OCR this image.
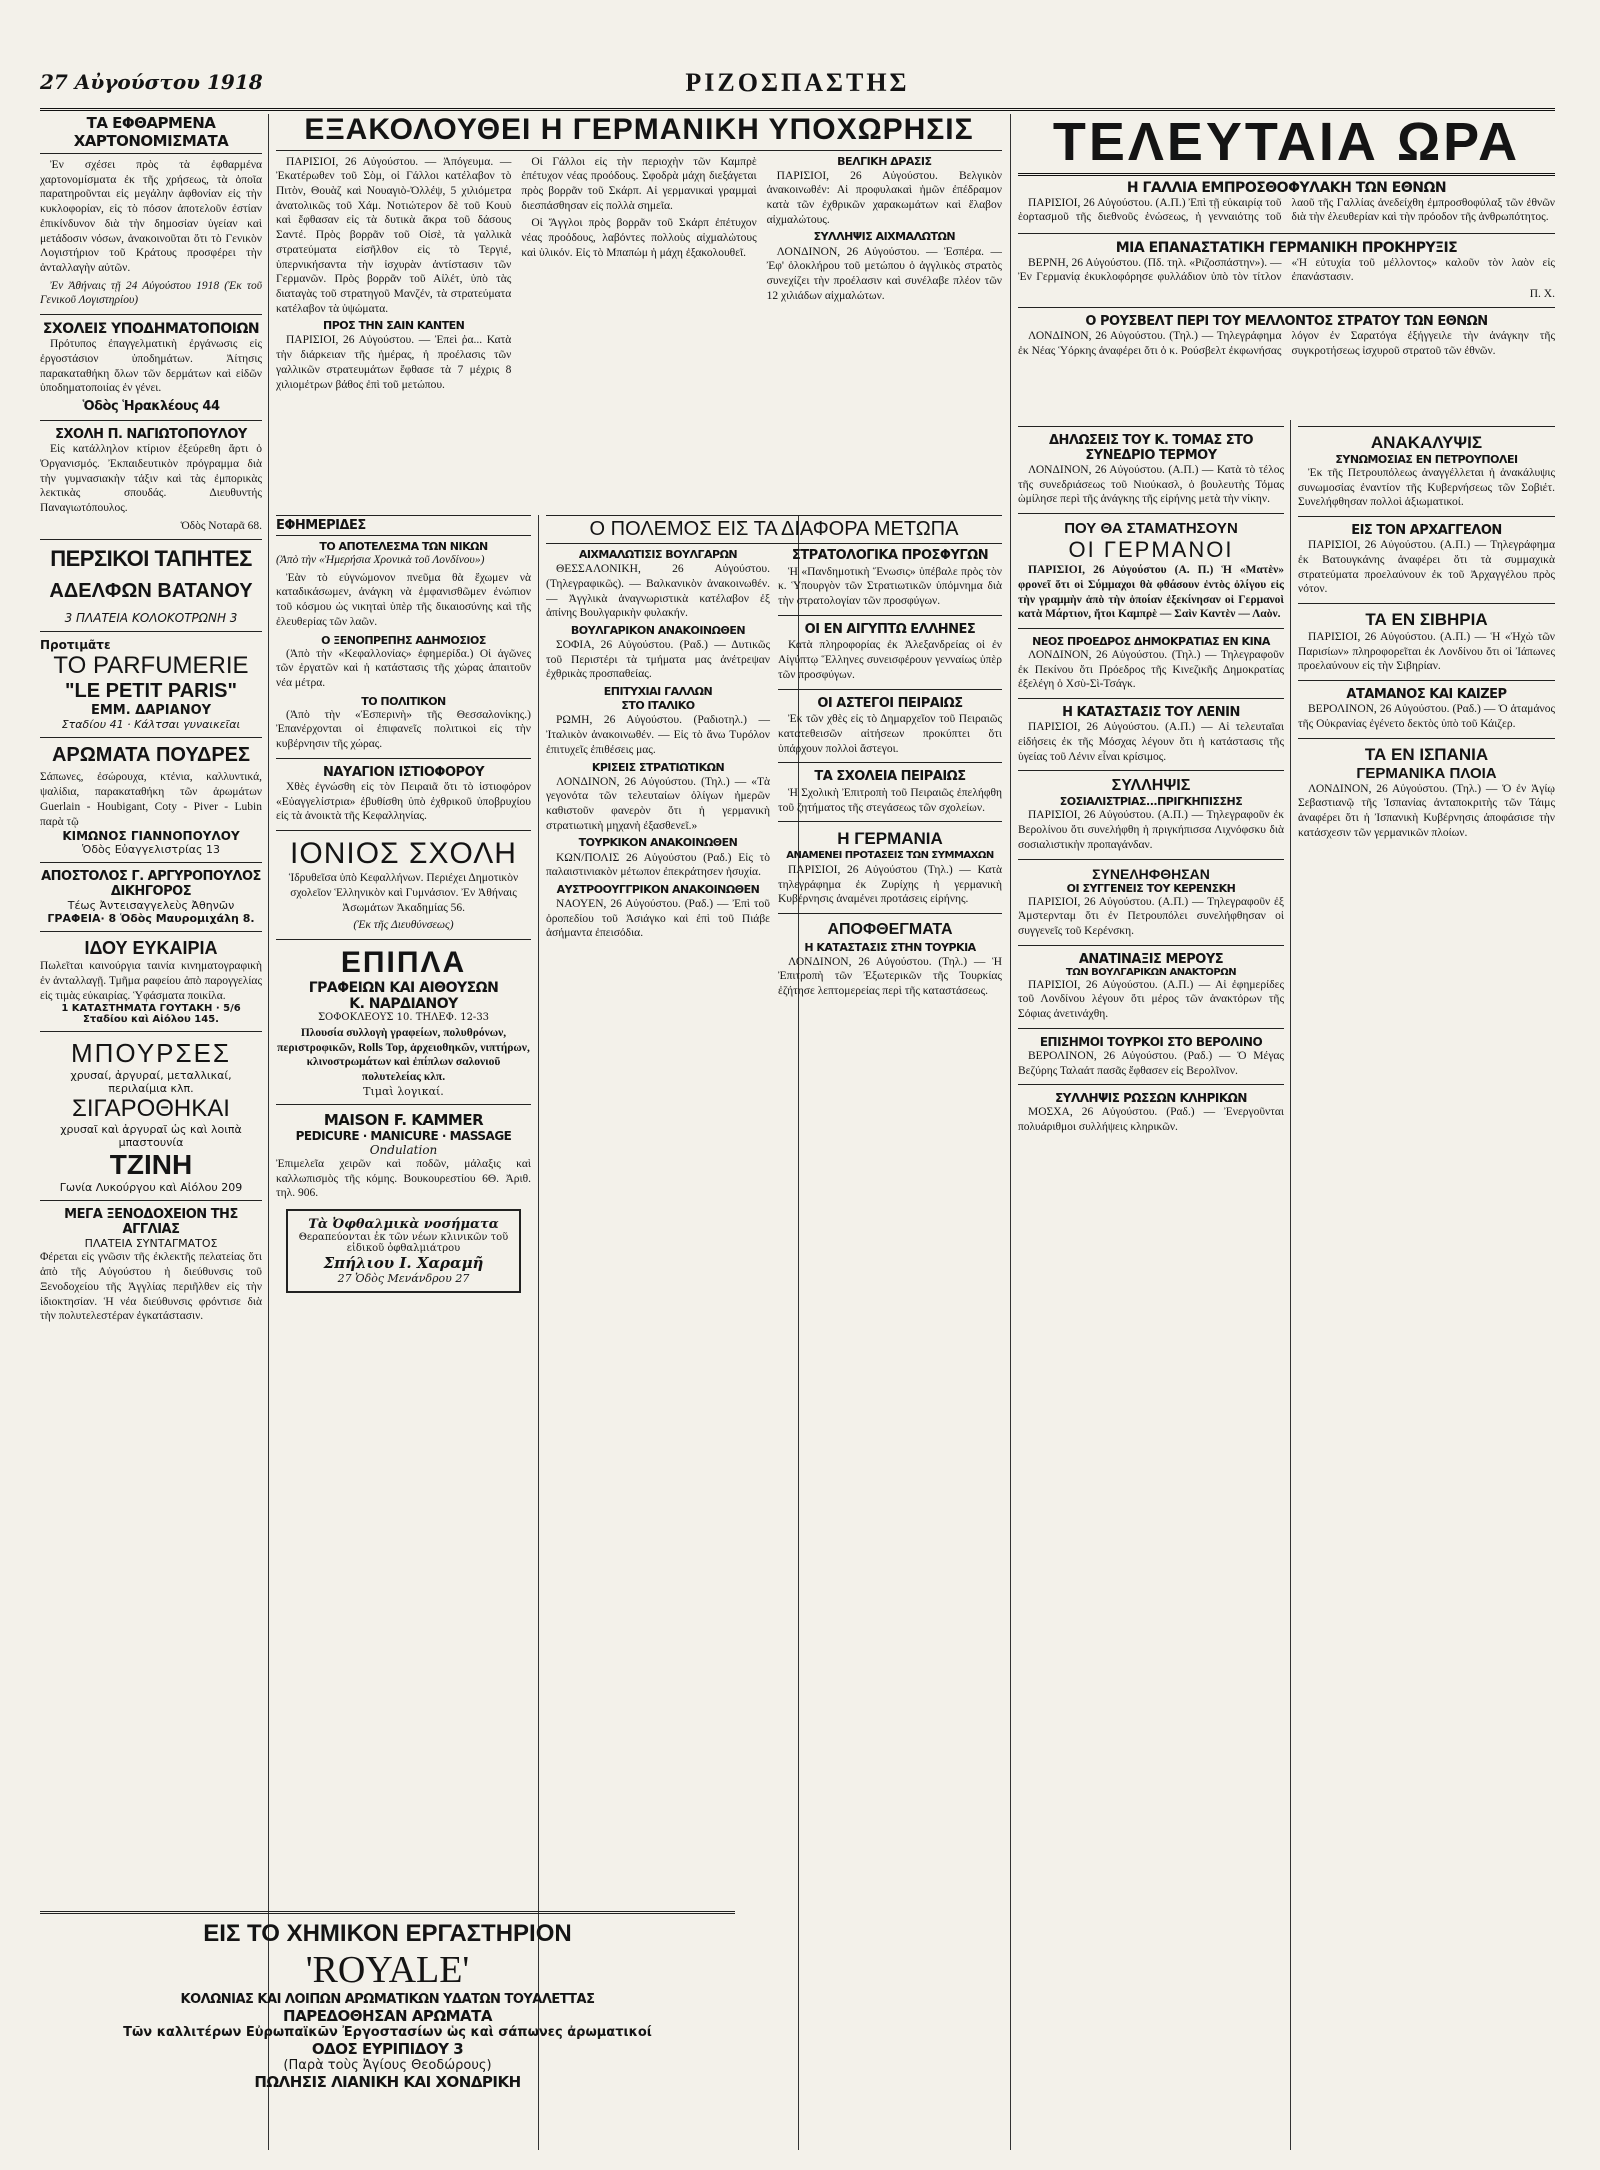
27 Αὐγούστου 1918	ΡΙΖΟΣΠΑΣΤΗΣ
ΤΑ ΕΦΘΑΡΜΕΝΑ ΧΑΡΤΟΝΟΜΙΣΜΑΤΑ

Ἐν σχέσει πρὸς τὰ ἐφθαρμένα χαρτονομίσματα ἐκ τῆς χρήσεως, τὰ ὁποῖα παρατηροῦνται εἰς μεγάλην ἀφθονίαν εἰς τὴν κυκλοφορίαν, εἰς τὸ πόσον ἀποτελοῦν ἐστίαν ἐπικίνδυνον διὰ τὴν δημοσίαν ὑγείαν καὶ μετάδοσιν νόσων, ἀνακοινοῦται ὅτι τὸ Γενικὸν Λογιστήριον τοῦ Κράτους προσφέρει τὴν ἀνταλλαγὴν αὐτῶν.

Ἐν Ἀθήναις τῇ 24 Αὐγούστου 1918 (Ἐκ τοῦ Γενικοῦ Λογιστηρίου)

ΣΧΟΛΕΙΣ ΥΠΟΔΗΜΑΤΟΠΟΙΩΝ

Πρότυπος ἐπαγγελματικὴ ἐργάνωσις εἰς ἐργοστάσιον ὑποδημάτων. Ἀίτησις παρακαταθήκη ὅλων τῶν δερμάτων καὶ εἰδῶν ὑποδηματοποιίας ἐν γένει.

Ὁδὸς Ἡρακλέους 44
ΣΧΟΛΗ Π. ΝΑΓΙΩΤΟΠΟΥΛΟΥ

Εἰς κατάλληλον κτίριον ἐξεύρεθη ἅρτι ὁ Ὀργανισμός. Ἐκπαιδευτικὸν πρόγραμμα διὰ τὴν γυμνασιακὴν τάξιν καὶ τὰς ἐμπορικὰς λεκτικὰς σπουδάς. Διευθυντής Παναγιωτόπουλος.

Ὁδὸς Νοταρᾶ 68.
ΠΕΡΣΙΚΟΙ ΤΑΠΗΤΕΣ
ΑΔΕΛΦΩΝ ΒΑΤΑΝΟΥ
3 ΠΛΑΤΕΙΑ ΚΟΛΟΚΟΤΡΩΝΗ 3
Προτιμᾶτε
ΤΟ PARFUMERIE
"LE PETIT PARIS"
ΕΜΜ. ΔΑΡΙΑΝΟΥ
Σταδίου 41 · Κάλτσαι γυναικεῖαι
ΑΡΩΜΑΤΑ ΠΟΥΔΡΕΣ
Σάπωνες, ἐσώρουχα, κτένια, καλλυντικά, ψαλίδια, παρακαταθήκη τῶν ἀρωμάτων Guerlain - Houbigant, Coty - Piver - Lubin παρὰ τῷ
ΚΙΜΩΝΟΣ ΓΙΑΝΝΟΠΟΥΛΟΥ
Ὁδὸς Εὐαγγελιστρίας 13
ΑΠΟΣΤΟΛΟΣ Γ. ΑΡΓΥΡΟΠΟΥΛΟΣ
ΔΙΚΗΓΟΡΟΣ
Τέως Ἀντεισαγγελεὺς Ἀθηνῶν
ΓΡΑΦΕΙΑ· 8 Ὁδὸς Μαυρομιχάλη 8.
ΙΔΟΥ ΕΥΚΑΙΡΙΑ
Πωλεῖται καινούργια ταινία κινηματογραφικὴ ἐν ἀνταλλαγῇ. Τμῆμα ραφείου ἀπὸ παρογγελίας εἰς τιμὰς εὐκαιρίας. Ὑφάσματα ποικίλα.
1 ΚΑΤΑΣΤΗΜΑΤΑ ΓΟΥΤΑΚΗ · 5/6 Σταδίου καὶ Αἰόλου 145.
ΜΠΟΥΡΣΕΣ
χρυσαί, ἀργυραί, μεταλλικαί, περιλαίμια κλπ.
ΣΙΓΑΡΟΘΗΚΑΙ
χρυσαῖ καὶ ἀργυραῖ ὡς καὶ λοιπὰ μπαστουνία
ΤΖΙΝΗ
Γωνία Λυκούργου καὶ Αἰόλου 209
ΜΕΓΑ ΞΕΝΟΔΟΧΕΙΟΝ ΤΗΣ ΑΓΓΛΙΑΣ
ΠΛΑΤΕΙΑ ΣΥΝΤΑΓΜΑΤΟΣ
Φέρεται εἰς γνῶσιν τῆς ἐκλεκτῆς πελατείας ὅτι ἀπὸ τῆς Αὐγούστου ἡ διεύθυνσις τοῦ Ξενοδοχείου τῆς Ἀγγλίας περιῆλθεν εἰς τὴν ἰδιοκτησίαν. Ἡ νέα διεύθυνσις φρόντισε διὰ τὴν πολυτελεστέραν ἐγκατάστασιν.
ΕΞΑΚΟΛΟΥΘΕΙ Η ΓΕΡΜΑΝΙΚΗ ΥΠΟΧΩΡΗΣΙΣ

ΠΑΡΙΣΙΟΙ, 26 Αὐγούστου. — Ἀπόγευμα. — Ἐκατέρωθεν τοῦ Σὸμ, οἱ Γάλλοι κατέλαβον τὸ Πιτὸν, Θουὰζ καὶ Νουαγιὸ-Ὀλλέψ, 5 χιλιόμετρα ἀνατολικῶς τοῦ Χάμ. Νοτιώτερον δὲ τοῦ Κουὺ καὶ ἔφθασαν εἰς τὰ δυτικὰ ἄκρα τοῦ δάσους Σαντέ. Πρὸς βορρᾶν τοῦ Οἰσὲ, τὰ γαλλικὰ στρατεύματα εἰσῆλθον εἰς τὸ Τεργιέ, ὑπερνικήσαντα τὴν ἰσχυρὰν ἀντίστασιν τῶν Γερμανῶν. Πρὸς βορρᾶν τοῦ Αἰλέτ, ὑπὸ τὰς διαταγὰς τοῦ στρατηγοῦ Μανζέν, τὰ στρατεύματα κατέλαβον τὰ ὑψώματα.

ΠΡΟΣ ΤΗΝ ΣΑΙΝ ΚΑΝΤΕΝ

ΠΑΡΙΣΙΟΙ, 26 Αὐγούστου. — Ἐπεὶ ῥα... Κατὰ τὴν διάρκειαν τῆς ἡμέρας, ἡ προέλασις τῶν γαλλικῶν στρατευμάτων ἔφθασε τὰ 7 μέχρις 8 χιλιομέτρων βάθος ἐπὶ τοῦ μετώπου.

Οἱ Γάλλοι εἰς τὴν περιοχὴν τῶν Καμπρὲ ἐπέτυχον νέας προόδους. Σφοδρὰ μάχη διεξάγεται πρὸς βορρᾶν τοῦ Σκάρπ. Αἱ γερμανικαὶ γραμμαὶ διεσπάσθησαν εἰς πολλὰ σημεῖα.

Οἱ Ἄγγλοι πρὸς βορρᾶν τοῦ Σκάρπ ἐπέτυχον νέας προόδους, λαβόντες πολλοὺς αἰχμαλώτους καὶ ὑλικόν. Εἰς τὸ Μπαπώμ ἡ μάχη ἐξακολουθεῖ.

ΒΕΛΓΙΚΗ ΔΡΑΣΙΣ

ΠΑΡΙΣΙΟΙ, 26 Αὐγούστου. Βελγικὸν ἀνακοινωθέν: Αἱ προφυλακαὶ ἡμῶν ἐπέδραμον κατὰ τῶν ἐχθρικῶν χαρακωμάτων καὶ ἔλαβον αἰχμαλώτους.

ΣΥΛΛΗΨΙΣ ΑΙΧΜΑΛΩΤΩΝ

ΛΟΝΔΙΝΟΝ, 26 Αὐγούστου. — Ἐσπέρα. — Ἐφ' ὁλοκλήρου τοῦ μετώπου ὁ ἀγγλικὸς στρατὸς συνεχίζει τὴν προέλασιν καὶ συνέλαβε πλέον τῶν 12 χιλιάδων αἰχμαλώτων.

ΕΦΗΜΕΡΙΔΕΣ
ΤΟ ΑΠΟΤΕΛΕΣΜΑ ΤΩΝ ΝΙΚΩΝ

(Ἀπὸ τὴν «Ἡμερήσια Χρονικὰ τοῦ Λονδίνου»)

Ἐὰν τὸ εὐγνώμονον πνεῦμα θὰ ἔχωμεν νὰ καταδικάσωμεν, ἀνάγκη νὰ ἐμφανισθῶμεν ἐνώπιον τοῦ κόσμου ὡς νικηταὶ ὑπὲρ τῆς δικαιοσύνης καὶ τῆς ἐλευθερίας τῶν λαῶν.

Ο ΞΕΝΟΠΡΕΠΗΣ ΑΔΗΜΟΣΙΟΣ

(Ἀπὸ τὴν «Κεφαλλονίας» ἐφημερίδα.) Οἱ ἀγῶνες τῶν ἐργατῶν καὶ ἡ κατάστασις τῆς χώρας ἀπαιτοῦν νέα μέτρα.

ΤΟ ΠΟΛΙΤΙΚΟΝ

(Ἀπὸ τὴν «Ἐσπερινὴ» τῆς Θεσσαλονίκης.) Ἐπανέρχονται οἱ ἐπιφανεῖς πολιτικοὶ εἰς τὴν κυβέρνησιν τῆς χώρας.

ΝΑΥΑΓΙΟΝ ΙΣΤΙΟΦΟΡΟΥ

Χθὲς ἐγνώσθη εἰς τὸν Πειραιᾶ ὅτι τὸ ἱστιοφόρον «Εὐαγγελίστρια» ἐβυθίσθη ὑπὸ ἐχθρικοῦ ὑποβρυχίου εἰς τὰ ἀνοικτὰ τῆς Κεφαλληνίας.

ΙΟΝΙΟΣ ΣΧΟΛΗ

Ἱδρυθεῖσα ὑπὸ Κεφαλλήνων. Περιέχει Δημοτικὸν σχολεῖον Ἑλληνικὸν καὶ Γυμνάσιον. Ἐν Ἀθήναις Ἀσωμάτων Ἀκαδημίας 56.

(Ἐκ τῆς Διευθύνσεως)
ΕΠΙΠΛΑ
ΓΡΑΦΕΙΩΝ ΚΑΙ ΑΙΘΟΥΣΩΝ
Κ. ΝΑΡΔΙΑΝΟΥ
ΣΟΦΟΚΛΕΟΥΣ 10. ΤΗΛΕΦ. 12-33
Πλουσία συλλογὴ γραφείων, πολυθρόνων, περιστροφικῶν, Rolls Top, ἀρχειοθηκῶν, νιπτήρων, κλινοστρωμάτων καὶ ἐπίπλων σαλονιοῦ πολυτελείας κλπ.
Τιμαὶ λογικαί.
MAISON F. KAMMER
PEDICURE · MANICURE · MASSAGE
Ondulation
Ἐπιμελεῖα χειρῶν καὶ ποδῶν, μάλαξις καὶ καλλωπισμὸς τῆς κόμης. Βουκουρεστίου 6Θ. Ἀριθ. τηλ. 906.
Τὰ Ὀφθαλμικὰ νοσήματα
Θεραπεύονται ἐκ τῶν νέων κλινικῶν τοῦ εἰδικοῦ ὀφθαλμιάτρου
Σπήλιου Ι. Χαραμῆ
27 Ὁδὸς Μενάνδρου 27
Ο ΠΟΛΕΜΟΣ ΕΙΣ ΤΑ ΔΙΑΦΟΡΑ ΜΕΤΩΠΑ
ΑΙΧΜΑΛΩΤΙΣΙΣ ΒΟΥΛΓΑΡΩΝ

ΘΕΣΣΑΛΟΝΙΚΗ, 26 Αὐγούστου. (Τηλεγραφικῶς). — Βαλκανικὸν ἀνακοινωθέν. — Ἀγγλικὰ ἀναγνωριστικὰ κατέλαβον ἐξ ἀπίνης Βουλγαρικὴν φυλακήν.

ΒΟΥΛΓΑΡΙΚΟΝ ΑΝΑΚΟΙΝΩΘΕΝ

ΣΟΦΙΑ, 26 Αὐγούστου. (Ραδ.) — Δυτικῶς τοῦ Περιστέρι τὰ τμήματα μας ἀνέτρεψαν ἐχθρικὰς προσπαθείας.

ΕΠΙΤΥΧΙΑΙ ΓΑΛΛΩΝ
ΣΤΟ ΙΤΑΛΙΚΟ

ΡΩΜΗ, 26 Αὐγούστου. (Ραδιοτηλ.) — Ἰταλικὸν ἀνακοινωθέν. — Εἰς τὸ ἄνω Τυρόλον ἐπιτυχεῖς ἐπιθέσεις μας.

ΚΡΙΣΕΙΣ ΣΤΡΑΤΙΩΤΙΚΩΝ

ΛΟΝΔΙΝΟΝ, 26 Αὐγούστου. (Τηλ.) — «Τὰ γεγονότα τῶν τελευταίων ὀλίγων ἡμερῶν καθιστοῦν φανερὸν ὅτι ἡ γερμανικὴ στρατιωτικὴ μηχανὴ ἐξασθενεῖ.»

ΤΟΥΡΚΙΚΟΝ ΑΝΑΚΟΙΝΩΘΕΝ

ΚΩΝ/ΠΟΛΙΣ 26 Αὐγούστου (Ραδ.) Εἰς τὸ παλαιστινιακὸν μέτωπον ἐπεκράτησεν ἡσυχία.

ΑΥΣΤΡΟΟΥΓΓΡΙΚΟΝ ΑΝΑΚΟΙΝΩΘΕΝ

ΝΑΟΥΕΝ, 26 Αὐγούστου. (Ραδ.) — Ἐπὶ τοῦ ὀροπεδίου τοῦ Ἀσιάγκο καὶ ἐπὶ τοῦ Πιάβε ἀσήμαντα ἐπεισόδια.

ΣΤΡΑΤΟΛΟΓΙΚΑ ΠΡΟΣΦΥΓΩΝ

Ἡ «Πανδημοτικὴ Ἕνωσις» ὑπέβαλε πρὸς τὸν κ. Ὑπουργὸν τῶν Στρατιωτικῶν ὑπόμνημα διὰ τὴν στρατολογίαν τῶν προσφύγων.

ΟΙ ΕΝ ΑΙΓΥΠΤΩ ΕΛΛΗΝΕΣ

Κατὰ πληροφορίας ἐκ Ἀλεξανδρείας οἱ ἐν Αἰγύπτῳ Ἕλληνες συνεισφέρουν γενναίως ὑπὲρ τῶν προσφύγων.

ΟΙ ΑΣΤΕΓΟΙ ΠΕΙΡΑΙΩΣ

Ἐκ τῶν χθὲς εἰς τὸ Δημαρχεῖον τοῦ Πειραιῶς κατατεθεισῶν αἰτήσεων προκύπτει ὅτι ὑπάρχουν πολλοὶ ἄστεγοι.

ΤΑ ΣΧΟΛΕΙΑ ΠΕΙΡΑΙΩΣ

Ἡ Σχολικὴ Ἐπιτροπὴ τοῦ Πειραιῶς ἐπελήφθη τοῦ ζητήματος τῆς στεγάσεως τῶν σχολείων.

Η ΓΕΡΜΑΝΙΑ
ΑΝΑΜΕΝΕΙ ΠΡΟΤΑΣΕΙΣ ΤΩΝ ΣΥΜΜΑΧΩΝ

ΠΑΡΙΣΙΟΙ, 26 Αὐγούστου (Τηλ.) — Κατὰ τηλεγράφημα ἐκ Ζυρίχης ἡ γερμανικὴ Κυβέρνησις ἀναμένει προτάσεις εἰρήνης.

ΑΠΟΦΘΕΓΜΑΤΑ
Η ΚΑΤΑΣΤΑΣΙΣ ΣΤΗΝ ΤΟΥΡΚΙΑ

ΛΟΝΔΙΝΟΝ, 26 Αὐγούστου. (Τηλ.) — Ἡ Ἐπιτροπὴ τῶν Ἐξωτερικῶν τῆς Τουρκίας ἐζήτησε λεπτομερείας περὶ τῆς καταστάσεως.

ΤΕΛΕΥΤΑΙΑ ΩΡΑ
Η ΓΑΛΛΙΑ ΕΜΠΡΟΣΘΟΦΥΛΑΚΗ ΤΩΝ ΕΘΝΩΝ

ΠΑΡΙΣΙΟΙ, 26 Αὐγούστου. (Α.Π.) Ἐπὶ τῇ εὐκαιρίᾳ τοῦ ἑορτασμοῦ τῆς διεθνοῦς ἑνώσεως, ἡ γενναιότης τοῦ λαοῦ τῆς Γαλλίας ἀνεδείχθη ἐμπροσθοφύλαξ τῶν ἐθνῶν διὰ τὴν ἐλευθερίαν καὶ τὴν πρόοδον τῆς ἀνθρωπότητος.

ΜΙΑ ΕΠΑΝΑΣΤΑΤΙΚΗ ΓΕΡΜΑΝΙΚΗ ΠΡΟΚΗΡΥΞΙΣ

ΒΕΡΝΗ, 26 Αὐγούστου. (Πδ. τηλ. «Ριζοσπάστην»). — Ἐν Γερμανίᾳ ἐκυκλοφόρησε φυλλάδιον ὑπὸ τὸν τίτλον «Ἡ εὐτυχία τοῦ μέλλοντος» καλοῦν τὸν λαὸν εἰς ἐπανάστασιν.

Π. Χ.
Ο ΡΟΥΣΒΕΛΤ ΠΕΡΙ ΤΟΥ ΜΕΛΛΟΝΤΟΣ ΣΤΡΑΤΟΥ ΤΩΝ ΕΘΝΩΝ

ΛΟΝΔΙΝΟΝ, 26 Αὐγούστου. (Τηλ.) — Τηλεγράφημα ἐκ Νέας Ὑόρκης ἀναφέρει ὅτι ὁ κ. Ρούσβελτ ἐκφωνήσας λόγον ἐν Σαρατόγα ἐξήγγειλε τὴν ἀνάγκην τῆς συγκροτήσεως ἰσχυροῦ στρατοῦ τῶν ἐθνῶν.

ΔΗΛΩΣΕΙΣ ΤΟΥ Κ. ΤΟΜΑΣ ΣΤΟ ΣΥΝΕΔΡΙΟ ΤΕΡΜΟΥ

ΛΟΝΔΙΝΟΝ, 26 Αὐγούστου. (Α.Π.) — Κατὰ τὸ τέλος τῆς συνεδριάσεως τοῦ Νιούκασλ, ὁ βουλευτὴς Τόμας ὡμίλησε περὶ τῆς ἀνάγκης τῆς εἰρήνης μετὰ τὴν νίκην.

ΠΟΥ ΘΑ ΣΤΑΜΑΤΗΣΟΥΝ
ΟΙ ΓΕΡΜΑΝΟΙ

ΠΑΡΙΣΙΟΙ, 26 Αὐγούστου (Α. Π.) Ἡ «Ματὲν» φρονεῖ ὅτι οἱ Σύμμαχοι θὰ φθάσουν ἐντὸς ὀλίγου εἰς τὴν γραμμὴν ἀπὸ τὴν ὁποίαν ἐξεκίνησαν οἱ Γερμανοὶ κατὰ Μάρτιον, ἤτοι Καμπρὲ — Σαὶν Καντὲν — Λαὸν.

ΝΕΟΣ ΠΡΟΕΔΡΟΣ ΔΗΜΟΚΡΑΤΙΑΣ ΕΝ ΚΙΝΑ

ΛΟΝΔΙΝΟΝ, 26 Αὐγούστου. (Τηλ.) — Τηλεγραφοῦν ἐκ Πεκίνου ὅτι Πρόεδρος τῆς Κινεζικῆς Δημοκρατίας ἐξελέγη ὁ Χσὺ-Σὶ-Τσάγκ.

Η ΚΑΤΑΣΤΑΣΙΣ ΤΟΥ ΛΕΝΙΝ

ΠΑΡΙΣΙΟΙ, 26 Αὐγούστου. (Α.Π.) — Αἱ τελευταῖαι εἰδήσεις ἐκ τῆς Μόσχας λέγουν ὅτι ἡ κατάστασις τῆς ὑγείας τοῦ Λένιν εἶναι κρίσιμος.

ΣΥΛΛΗΨΙΣ
ΣΟΣΙΑΛΙΣΤΡΙΑΣ...ΠΡΙΓΚΗΠΙΣΣΗΣ

ΠΑΡΙΣΙΟΙ, 26 Αὐγούστου. (Α.Π.) — Τηλεγραφοῦν ἐκ Βερολίνου ὅτι συνελήφθη ἡ πριγκήπισσα Λιχνόφσκυ διὰ σοσιαλιστικὴν προπαγάνδαν.

ΣΥΝΕΛΗΦΘΗΣΑΝ
ΟΙ ΣΥΓΓΕΝΕΙΣ ΤΟΥ ΚΕΡΕΝΣΚΗ

ΠΑΡΙΣΙΟΙ, 26 Αὐγούστου. (Α.Π.) — Τηλεγραφοῦν ἐξ Ἀμστερνταμ ὅτι ἐν Πετρουπόλει συνελήφθησαν οἱ συγγενεῖς τοῦ Κερένσκη.

ΑΝΑΤΙΝΑΞΙΣ ΜΕΡΟΥΣ
ΤΩΝ ΒΟΥΛΓΑΡΙΚΩΝ ΑΝΑΚΤΟΡΩΝ

ΠΑΡΙΣΙΟΙ, 26 Αὐγούστου. (Α.Π.) — Αἱ ἐφημερίδες τοῦ Λονδίνου λέγουν ὅτι μέρος τῶν ἀνακτόρων τῆς Σόφιας ἀνετινάχθη.

ΕΠΙΣΗΜΟΙ ΤΟΥΡΚΟΙ ΣΤΟ ΒΕΡΟΛΙΝΟ

ΒΕΡΟΛΙΝΟΝ, 26 Αὐγούστου. (Ραδ.) — Ὁ Μέγας Βεζύρης Ταλαάτ πασᾶς ἔφθασεν εἰς Βερολῖνον.

ΣΥΛΛΗΨΙΣ ΡΩΣΣΩΝ ΚΛΗΡΙΚΩΝ

ΜΟΣΧΑ, 26 Αὐγούστου. (Ραδ.) — Ἐνεργοῦνται πολυάριθμοι συλλήψεις κληρικῶν.

ΑΝΑΚΑΛΥΨΙΣ
ΣΥΝΩΜΟΣΙΑΣ ΕΝ ΠΕΤΡΟΥΠΟΛΕΙ

Ἐκ τῆς Πετρουπόλεως ἀναγγέλλεται ἡ ἀνακάλυψις συνωμοσίας ἐναντίον τῆς Κυβερνήσεως τῶν Σοβιέτ. Συνελήφθησαν πολλοὶ ἀξιωματικοί.

ΕΙΣ ΤΟΝ ΑΡΧΑΓΓΕΛΟΝ

ΠΑΡΙΣΙΟΙ, 26 Αὐγούστου. (Α.Π.) — Τηλεγράφημα ἐκ Βατουγκάνης ἀναφέρει ὅτι τὰ συμμαχικὰ στρατεύματα προελαύνουν ἐκ τοῦ Ἀρχαγγέλου πρὸς νότον.

ΤΑ ΕΝ ΣΙΒΗΡΙΑ

ΠΑΡΙΣΙΟΙ, 26 Αὐγούστου. (Α.Π.) — Ἡ «Ἠχὼ τῶν Παρισίων» πληροφορεῖται ἐκ Λονδίνου ὅτι οἱ Ἰάπωνες προελαύνουν εἰς τὴν Σιβηρίαν.

ΑΤΑΜΑΝΟΣ ΚΑΙ ΚΑΙΖΕΡ

ΒΕΡΟΛΙΝΟΝ, 26 Αὐγούστου. (Ραδ.) — Ὁ ἀταμάνος τῆς Οὐκρανίας ἐγένετο δεκτὸς ὑπὸ τοῦ Κάιζερ.

ΤΑ ΕΝ ΙΣΠΑΝΙΑ
ΓΕΡΜΑΝΙΚΑ ΠΛΟΙΑ

ΛΟΝΔΙΝΟΝ, 26 Αὐγούστου. (Τηλ.) — Ὁ ἐν Ἁγίῳ Σεβαστιανῷ τῆς Ἰσπανίας ἀνταποκριτὴς τῶν Τάιμς ἀναφέρει ὅτι ἡ Ἰσπανικὴ Κυβέρνησις ἀποφάσισε τὴν κατάσχεσιν τῶν γερμανικῶν πλοίων.

ΕΙΣ ΤΟ ΧΗΜΙΚΟΝ ΕΡΓΑΣΤΗΡΙΟΝ
'ROYALE'
ΚΟΛΩΝΙΑΣ ΚΑΙ ΛΟΙΠΩΝ ΑΡΩΜΑΤΙΚΩΝ ΥΔΑΤΩΝ ΤΟΥΑΛΕΤΤΑΣ
ΠΑΡΕΔΟΘΗΣΑΝ ΑΡΩΜΑΤΑ
Τῶν καλλιτέρων Εὐρωπαϊκῶν Ἐργοστασίων ὡς καὶ σάπωνες ἀρωματικοί
ΟΔΟΣ ΕΥΡΙΠΙΔΟΥ 3
(Παρὰ τοὺς Ἁγίους Θεοδώρους)
ΠΩΛΗΣΙΣ ΛΙΑΝΙΚΗ ΚΑΙ ΧΟΝΔΡΙΚΗ
